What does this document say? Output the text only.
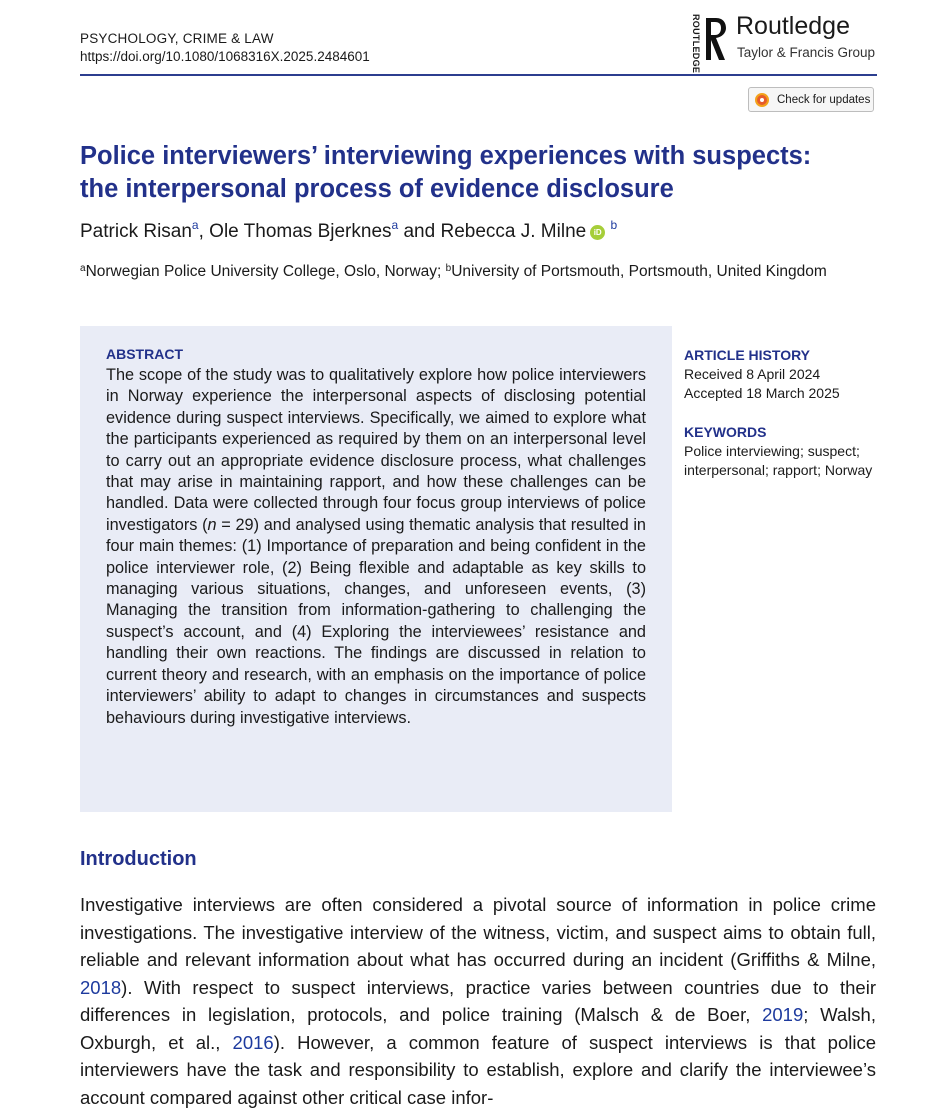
PSYCHOLOGY, CRIME & LAW
https://doi.org/10.1080/1068316X.2025.2484601	ROUTLEDGE Routledge
Taylor & Francis Group
Check for updates
Police interviewers’ interviewing experiences with suspects:
the interpersonal process of evidence disclosure
Patrick Risan$^a$, Ole Thomas Bjerknes$^a$ and Rebecca J. Milne iD $^b$
$^a$Norwegian Police University College, Oslo, Norway; $^b$University of Portsmouth, Portsmouth, United Kingdom
ABSTRACT
The scope of the study was to qualitatively explore how police interviewers in Norway experience the interpersonal aspects of disclosing potential evidence during suspect interviews. Specifically, we aimed to explore what the participants experienced as required by them on an interpersonal level to carry out an appropriate evidence disclosure process, what challenges that may arise in maintaining rapport, and how these challenges can be handled. Data were collected through four focus group interviews of police investigators (n = 29) and analysed using thematic analysis that resulted in four main themes: (1) Importance of preparation and being confident in the police interviewer role, (2) Being flexible and adaptable as key skills to managing various situations, changes, and unforeseen events, (3) Managing the transition from information-gathering to challenging the suspect’s account, and (4) Exploring the interviewees’ resistance and handling their own reactions. The findings are discussed in relation to current theory and research, with an emphasis on the importance of police interviewers’ ability to adapt to changes in circumstances and suspects behaviours during investigative interviews.
ARTICLE HISTORY
Received 8 April 2024
Accepted 18 March 2025
KEYWORDS
Police interviewing; suspect; interpersonal; rapport; Norway
Introduction
Investigative interviews are often considered a pivotal source of information in police crime investigations. The investigative interview of the witness, victim, and suspect aims to obtain full, reliable and relevant information about what has occurred during an incident (Griffiths & Milne, 2018). With respect to suspect interviews, practice varies between countries due to their differences in legislation, protocols, and police training (Malsch & de Boer, 2019; Walsh, Oxburgh, et al., 2016). However, a common feature of suspect interviews is that police interviewers have the task and responsibility to establish, explore and clarify the interviewee’s account compared against other critical case infor-
